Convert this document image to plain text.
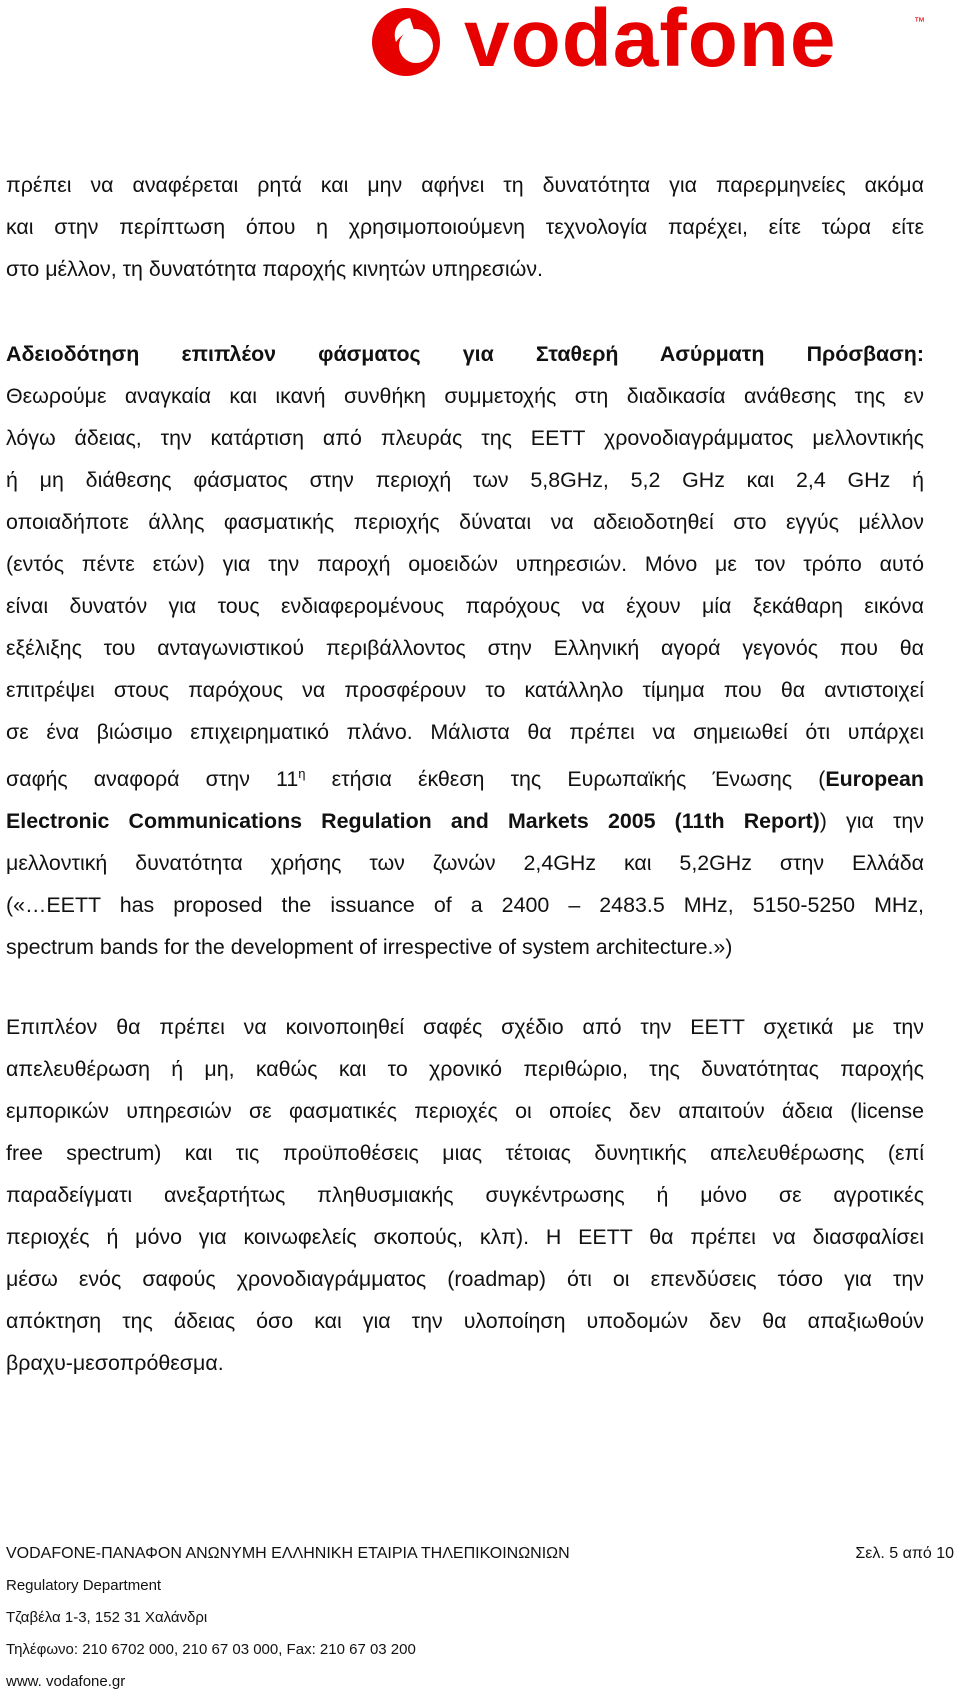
vodafone	™
πρέπει να αναφέρεται ρητά και μην αφήνει τη δυνατότητα για παρερμηνείες ακόμα
και στην περίπτωση όπου η χρησιμοποιούμενη τεχνολογία παρέχει, είτε τώρα είτε
στο μέλλον, τη δυνατότητα παροχής κινητών υπηρεσιών.
Αδειοδότηση επιπλέον φάσματος για Σταθερή Ασύρματη Πρόσβαση:
Θεωρούμε αναγκαία και ικανή συνθήκη συμμετοχής στη διαδικασία ανάθεσης της εν
λόγω άδειας, την κατάρτιση από πλευράς της ΕΕΤΤ χρονοδιαγράμματος μελλοντικής
ή μη διάθεσης φάσματος στην περιοχή των 5,8GHz, 5,2 GHz και 2,4 GHz ή
οποιαδήποτε άλλης φασματικής περιοχής δύναται να αδειοδοτηθεί στο εγγύς μέλλον
(εντός πέντε ετών) για την παροχή ομοειδών υπηρεσιών. Μόνο με τον τρόπο αυτό
είναι δυνατόν για τους ενδιαφερομένους παρόχους να έχουν μία ξεκάθαρη εικόνα
εξέλιξης του ανταγωνιστικού περιβάλλοντος στην Ελληνική αγορά γεγονός που θα
επιτρέψει στους παρόχους να προσφέρουν το κατάλληλο τίμημα που θα αντιστοιχεί
σε ένα βιώσιμο επιχειρηματικό πλάνο. Μάλιστα θα πρέπει να σημειωθεί ότι υπάρχει
σαφής αναφορά στην $11^\eta$ ετήσια έκθεση της Ευρωπαϊκής Ένωσης (European
Electronic Communications Regulation and Markets 2005 (11th Report)) για την
μελλοντική δυνατότητα χρήσης των ζωνών 2,4GHz και 5,2GHz στην Ελλάδα
(«…ΕΕΤΤ has proposed the issuance of a 2400 – 2483.5 MHz, 5150-5250 MHz,
spectrum bands for the development of irrespective of system architecture.»)
Επιπλέον θα πρέπει να κοινοποιηθεί σαφές σχέδιο από την ΕΕΤΤ σχετικά με την
απελευθέρωση ή μη, καθώς και το χρονικό περιθώριο, της δυνατότητας παροχής
εμπορικών υπηρεσιών σε φασματικές περιοχές οι οποίες δεν απαιτούν άδεια (license
free spectrum) και τις προϋποθέσεις μιας τέτοιας δυνητικής απελευθέρωσης (επί
παραδείγματι ανεξαρτήτως πληθυσμιακής συγκέντρωσης ή μόνο σε αγροτικές
περιοχές ή μόνο για κοινωφελείς σκοπούς, κλπ). Η ΕΕΤΤ θα πρέπει να διασφαλίσει
μέσω ενός σαφούς χρονοδιαγράμματος (roadmap) ότι οι επενδύσεις τόσο για την
απόκτηση της άδειας όσο και για την υλοποίηση υποδομών δεν θα απαξιωθούν
βραχυ-μεσοπρόθεσμα.
VODAFONE-ΠΑΝΑΦΟΝ ΑΝΩΝΥΜΗ ΕΛΛΗΝΙΚΗ ΕΤΑΙΡΙΑ ΤΗΛΕΠΙΚΟΙΝΩΝΙΩΝ	Σελ. 5 από 10
Regulatory Department
Τζαβέλα 1-3, 152 31 Χαλάνδρι
Τηλέφωνο: 210 6702 000, 210 67 03 000, Fax: 210 67 03 200
www. vodafone.gr
